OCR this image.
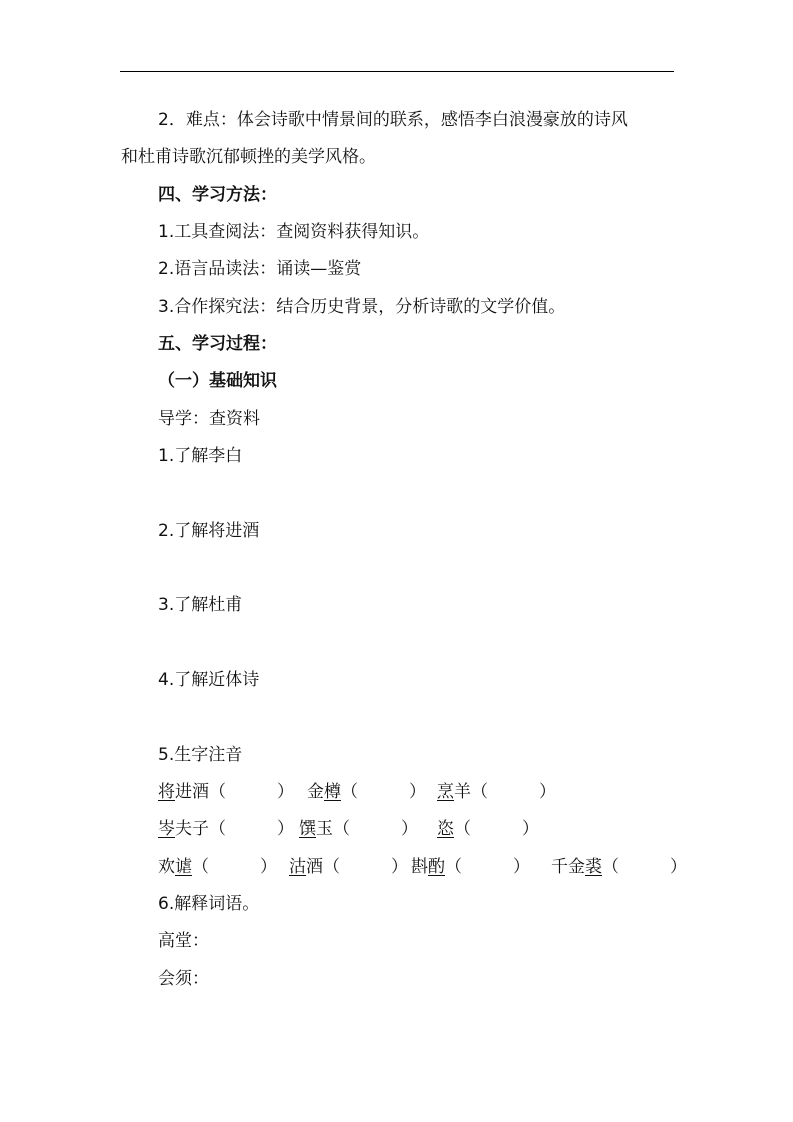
2．难点：体会诗歌中情景间的联系，感悟李白浪漫豪放的诗风
和杜甫诗歌沉郁顿挫的美学风格。
四、学习方法：
1.工具查阅法：查阅资料获得知识。
2.语言品读法：诵读—鉴赏
3.合作探究法：结合历史背景，分析诗歌的文学价值。
五、学习过程：
（一）基础知识
导学：查资料
1.了解李白
2.了解将进酒
3.了解杜甫
4.了解近体诗
5.生字注音
将进酒（　　　） 金樽（　　　） 烹羊（　　　）
岑夫子（　　　） 馔玉（　　　） 恣（　　　）
欢谑（　　　） 沽酒（　　　） 斟酌（　　　） 千金裘（　　　）
6.解释词语。
高堂：
会须：
